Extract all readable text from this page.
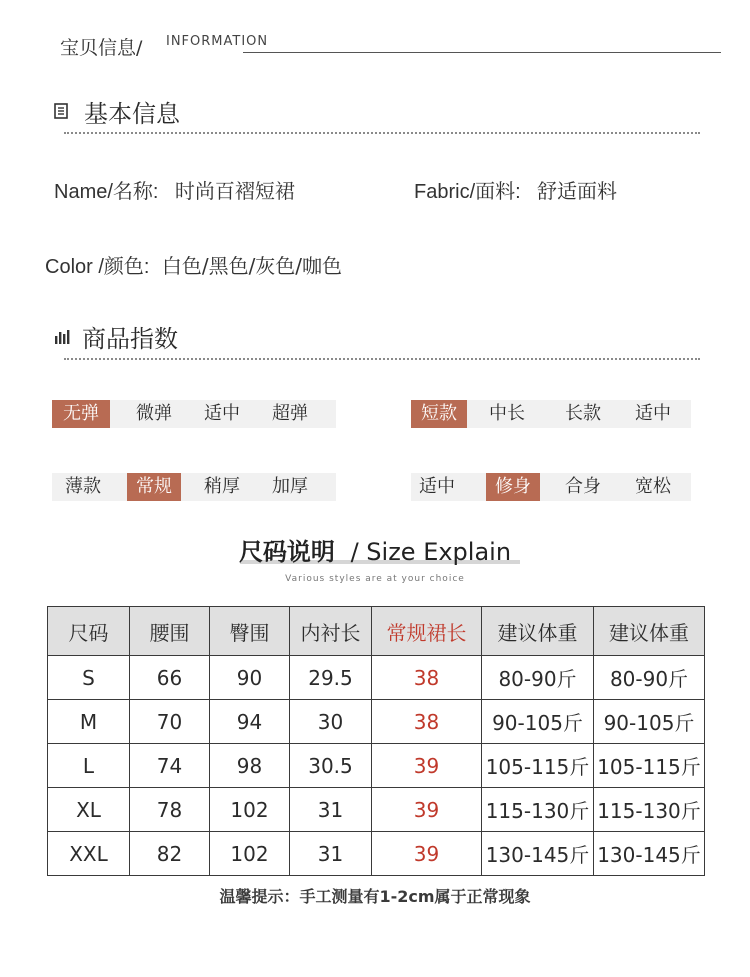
宝贝信息/ INFORMATION
基本信息
Name/名称: 时尚百褶短裙	Fabric/面料: 舒适面料
Color /颜色: 白色/黑色/灰色/咖色
商品指数
无弹	微弹	适中	超弹	短款	中长	长款	适中
薄款	常规	稍厚	加厚	适中	修身	合身	宽松
尺码说明 / Size Explain
Various styles are at your choice
尺码	腰围	臀围	内衬长	常规裙长	建议体重	建议体重
S	66	90	29.5	38	80-90斤	80-90斤
M	70	94	30	38	90-105斤	90-105斤
L	74	98	30.5	39	105-115斤	105-115斤
XL	78	102	31	39	115-130斤	115-130斤
XXL	82	102	31	39	130-145斤	130-145斤
温馨提示：手工测量有1-2cm属于正常现象
